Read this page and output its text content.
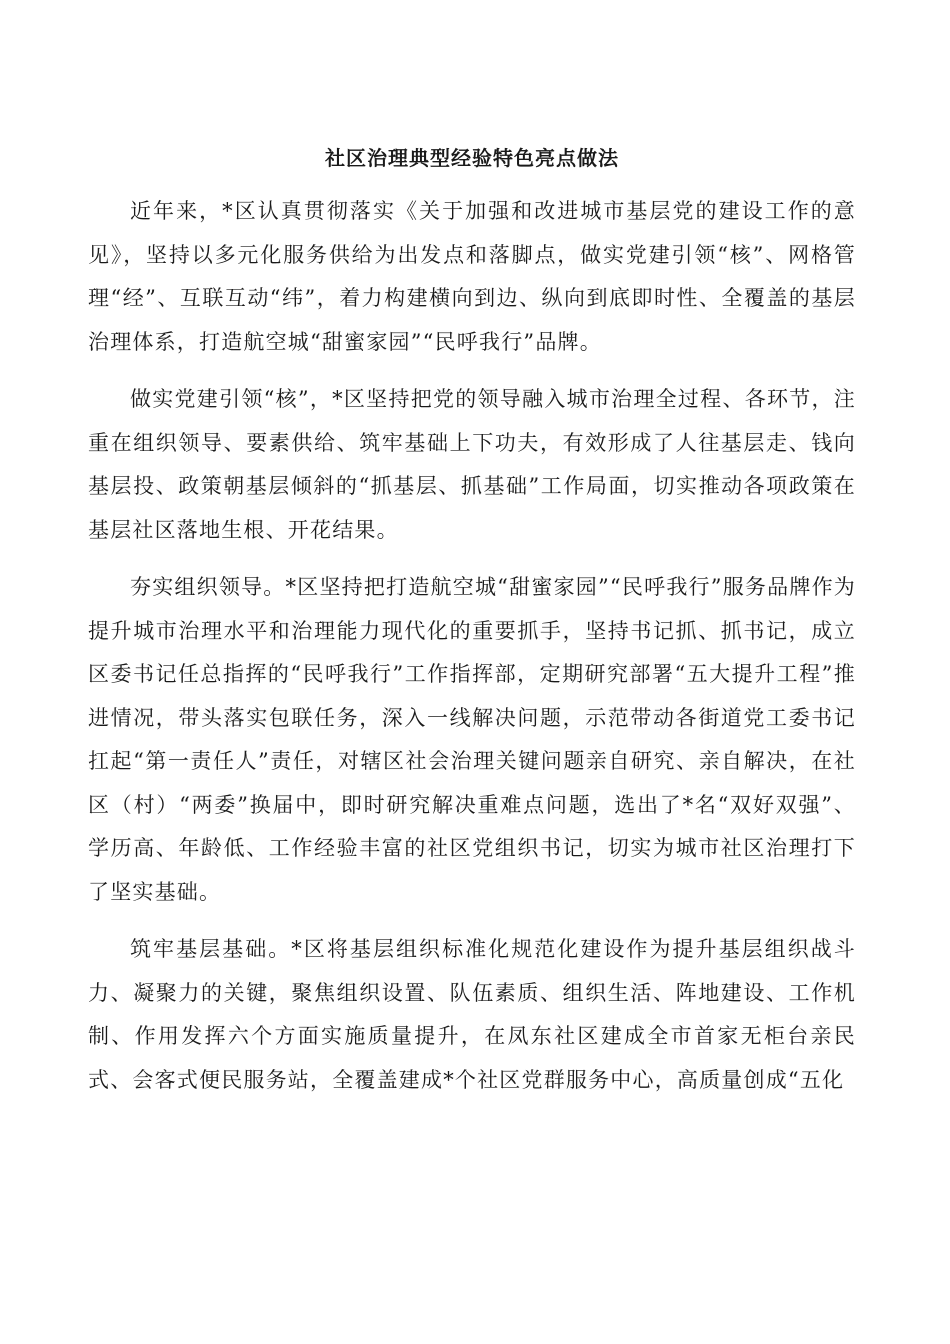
社区治理典型经验特色亮点做法

近年来，*区认真贯彻落实《关于加强和改进城市基层党的建设工作的意见》，坚持以多元化服务供给为出发点和落脚点，做实党建引领“核”、网格管理“经”、互联互动“纬”，着力构建横向到边、纵向到底即时性、全覆盖的基层治理体系，打造航空城“甜蜜家园”“民呼我行”品牌。

做实党建引领“核”，*区坚持把党的领导融入城市治理全过程、各环节，注重在组织领导、要素供给、筑牢基础上下功夫，有效形成了人往基层走、钱向基层投、政策朝基层倾斜的“抓基层、抓基础”工作局面，切实推动各项政策在基层社区落地生根、开花结果。

夯实组织领导。*区坚持把打造航空城“甜蜜家园”“民呼我行”服务品牌作为提升城市治理水平和治理能力现代化的重要抓手，坚持书记抓、抓书记，成立区委书记任总指挥的“民呼我行”工作指挥部，定期研究部署“五大提升工程”推进情况，带头落实包联任务，深入一线解决问题，示范带动各街道党工委书记扛起“第一责任人”责任，对辖区社会治理关键问题亲自研究、亲自解决，在社区（村）“两委”换届中，即时研究解决重难点问题，选出了*名“双好双强”、学历高、年龄低、工作经验丰富的社区党组织书记，切实为城市社区治理打下了坚实基础。

筑牢基层基础。*区将基层组织标准化规范化建设作为提升基层组织战斗力、凝聚力的关键，聚焦组织设置、队伍素质、组织生活、阵地建设、工作机制、作用发挥六个方面实施质量提升，在凤东社区建成全市首家无柜台亲民式、会客式便民服务站，全覆盖建成*个社区党群服务中心，高质量创成“五化
